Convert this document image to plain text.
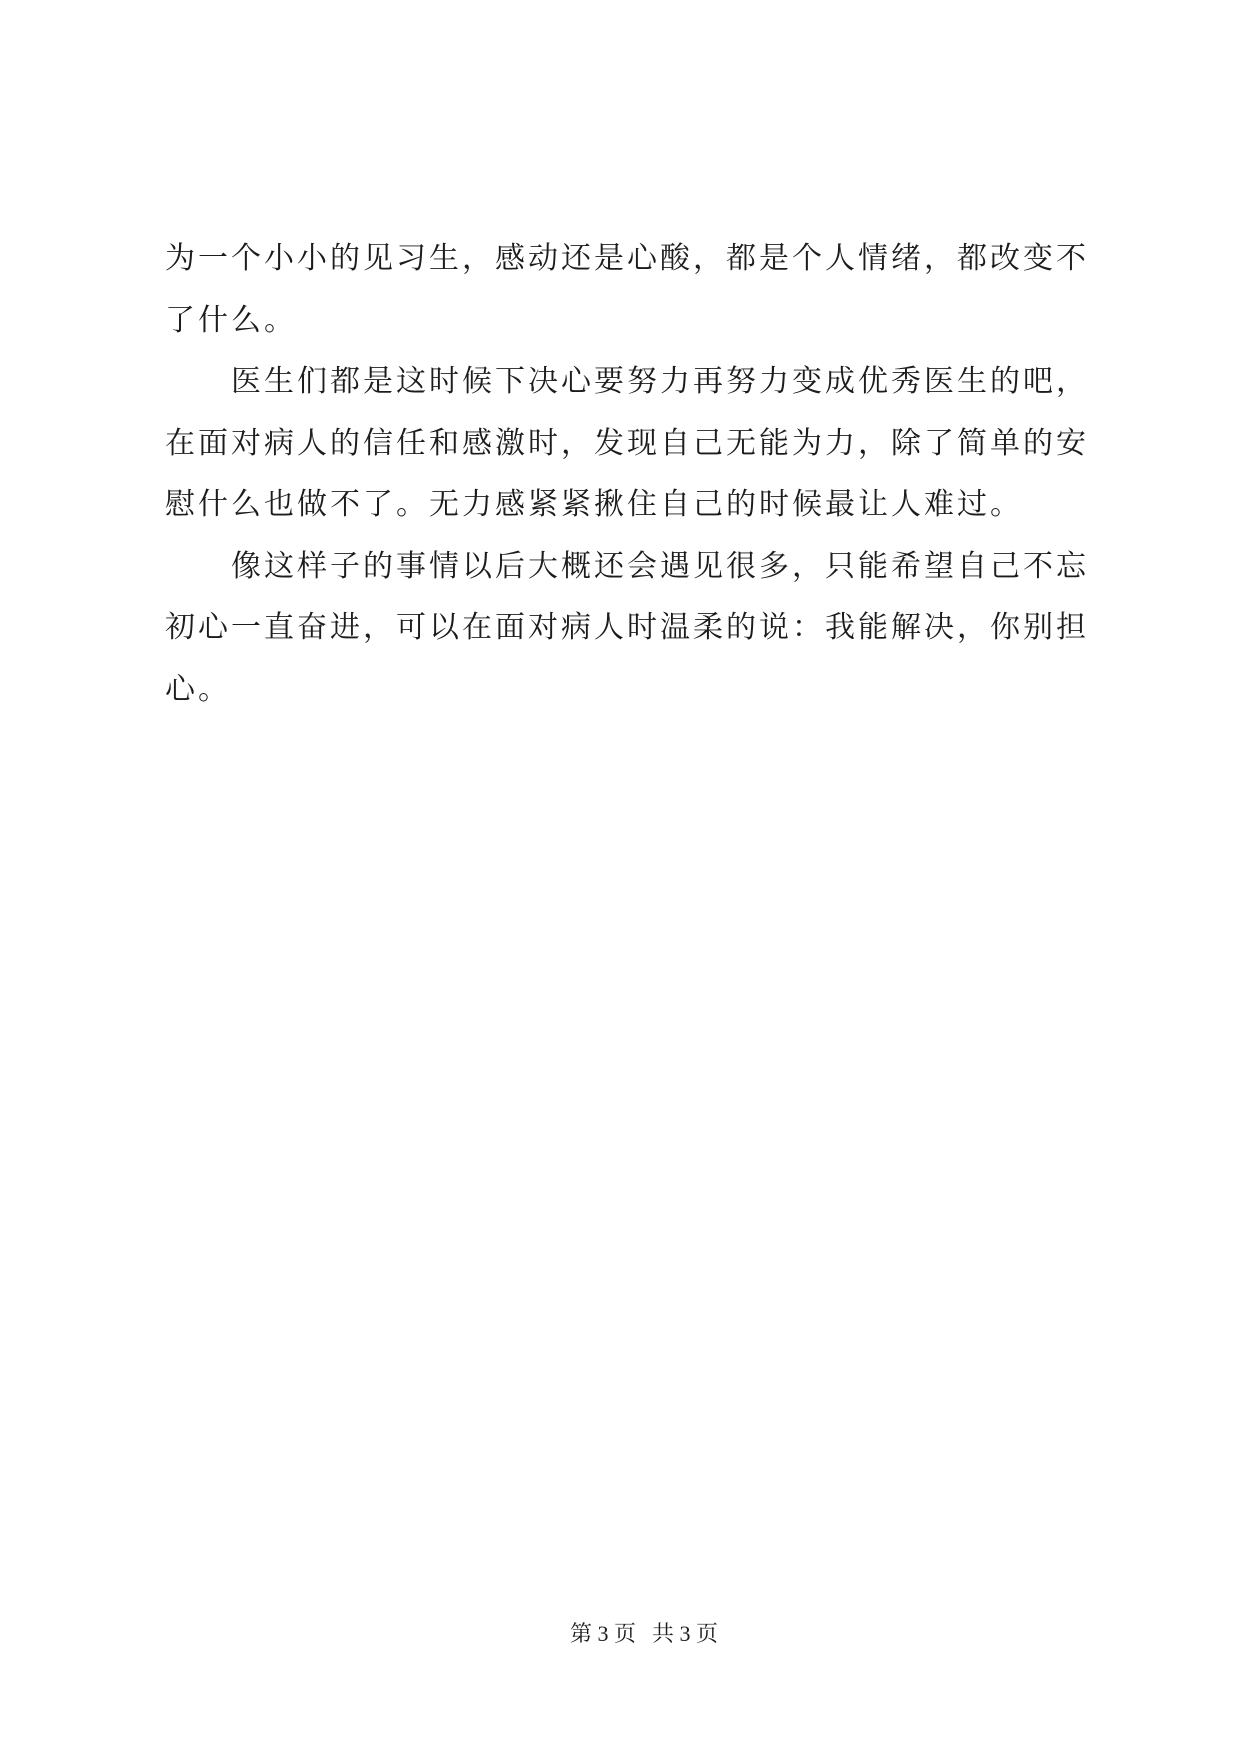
为一个小小的见习生，感动还是心酸，都是个人情绪，都改变不
了什么。
医生们都是这时候下决心要努力再努力变成优秀医生的吧，
在面对病人的信任和感激时，发现自己无能为力，除了简单的安
慰什么也做不了。无力感紧紧揪住自己的时候最让人难过。
像这样子的事情以后大概还会遇见很多，只能希望自己不忘
初心一直奋进，可以在面对病人时温柔的说：我能解决，你别担
心。
第 3 页 共 3 页
